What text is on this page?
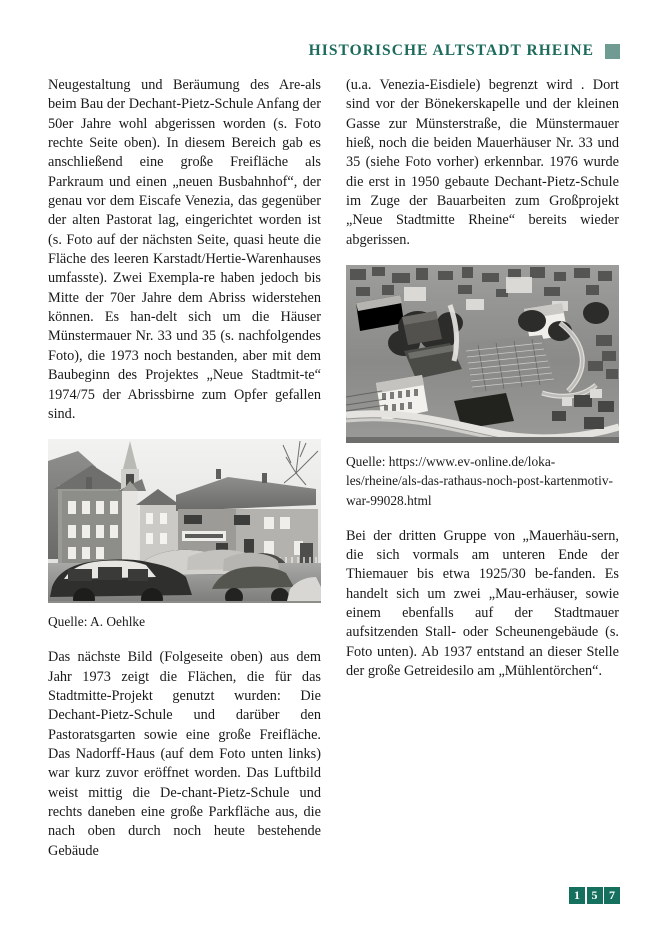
HISTORISCHE ALTSTADT RHEINE

Neugestaltung und Beräumung des Are-als beim Bau der Dechant-Pietz-Schule Anfang der 50er Jahre wohl abgerissen worden (s. Foto rechte Seite oben). In diesem Bereich gab es anschließend eine große Freifläche als Parkraum und einen „neuen Busbahnhof“, der genau vor dem Eiscafe Venezia, das gegenüber der alten Pastorat lag, eingerichtet worden ist (s. Foto auf der nächsten Seite, quasi heute die Fläche des leeren Karstadt/Hertie-Warenhauses umfasste). Zwei Exempla-re haben jedoch bis Mitte der 70er Jahre dem Abriss widerstehen können. Es han-delt sich um die Häuser Münstermauer Nr. 33 und 35 (s. nachfolgendes Foto), die 1973 noch bestanden, aber mit dem Baubeginn des Projektes „Neue Stadtmit-te“ 1974/75 der Abrissbirne zum Opfer gefallen sind.

Quelle: A. Oehlke

Das nächste Bild (Folgeseite oben) aus dem Jahr 1973 zeigt die Flächen, die für das Stadtmitte-Projekt genutzt wurden: Die Dechant-Pietz-Schule und darüber den Pastoratsgarten sowie eine große Freifläche. Das Nadorff-Haus (auf dem Foto unten links) war kurz zuvor eröffnet worden. Das Luftbild weist mittig die De-chant-Pietz-Schule und rechts daneben eine große Parkfläche aus, die nach oben durch noch heute bestehende Gebäude

(u.a. Venezia-Eisdiele) begrenzt wird . Dort sind vor der Bönekerskapelle und der kleinen Gasse zur Münsterstraße, die Münstermauer hieß, noch die beiden Mauerhäuser Nr. 33 und 35 (siehe Foto vorher) erkennbar. 1976 wurde die erst in 1950 gebaute Dechant-Pietz-Schule im Zuge der Bauarbeiten zum Großprojekt „Neue Stadtmitte Rheine“ bereits wieder abgerissen.

Quelle: https://www.ev-online.de/loka-les/rheine/als-das-rathaus-noch-post-kartenmotiv-war-99028.html

Bei der dritten Gruppe von „Mauerhäu-sern, die sich vormals am unteren Ende der Thiemauer bis etwa 1925/30 be-fanden. Es handelt sich um zwei „Mau-erhäuser, sowie einem ebenfalls auf der Stadtmauer aufsitzenden Stall- oder Scheunengebäude (s. Foto unten). Ab 1937 entstand an dieser Stelle der große Getreidesilo am „Mühlentörchen“.

1 5 7
